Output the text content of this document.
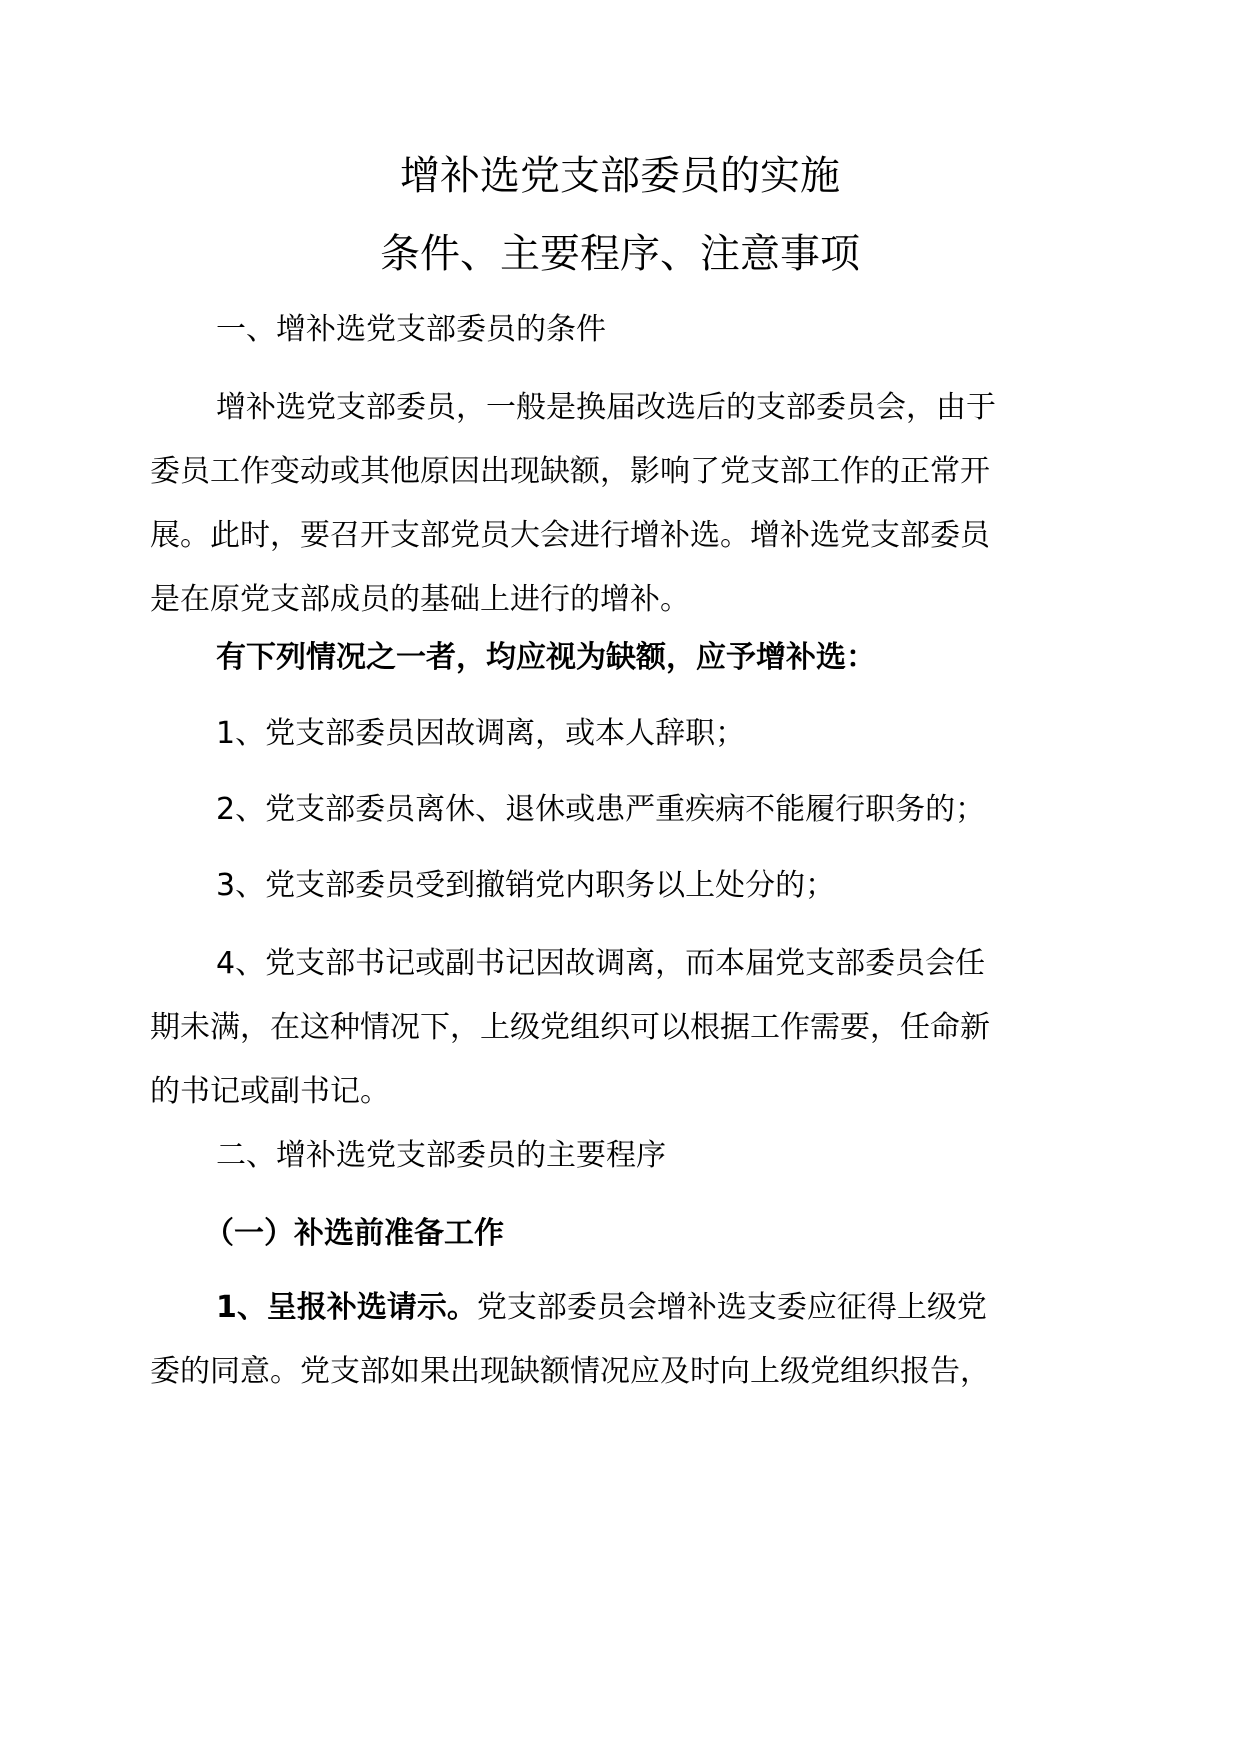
增补选党支部委员的实施
条件、主要程序、注意事项
一、增补选党支部委员的条件
增补选党支部委员，一般是换届改选后的支部委员会，由于
委员工作变动或其他原因出现缺额，影响了党支部工作的正常开
展。此时，要召开支部党员大会进行增补选。增补选党支部委员
是在原党支部成员的基础上进行的增补。
有下列情况之一者，均应视为缺额，应予增补选：
1、党支部委员因故调离，或本人辞职；
2、党支部委员离休、退休或患严重疾病不能履行职务的；
3、党支部委员受到撤销党内职务以上处分的；
4、党支部书记或副书记因故调离，而本届党支部委员会任
期未满，在这种情况下，上级党组织可以根据工作需要，任命新
的书记或副书记。
二、增补选党支部委员的主要程序
（一）补选前准备工作
1、呈报补选请示。党支部委员会增补选支委应征得上级党
委的同意。党支部如果出现缺额情况应及时向上级党组织报告，
